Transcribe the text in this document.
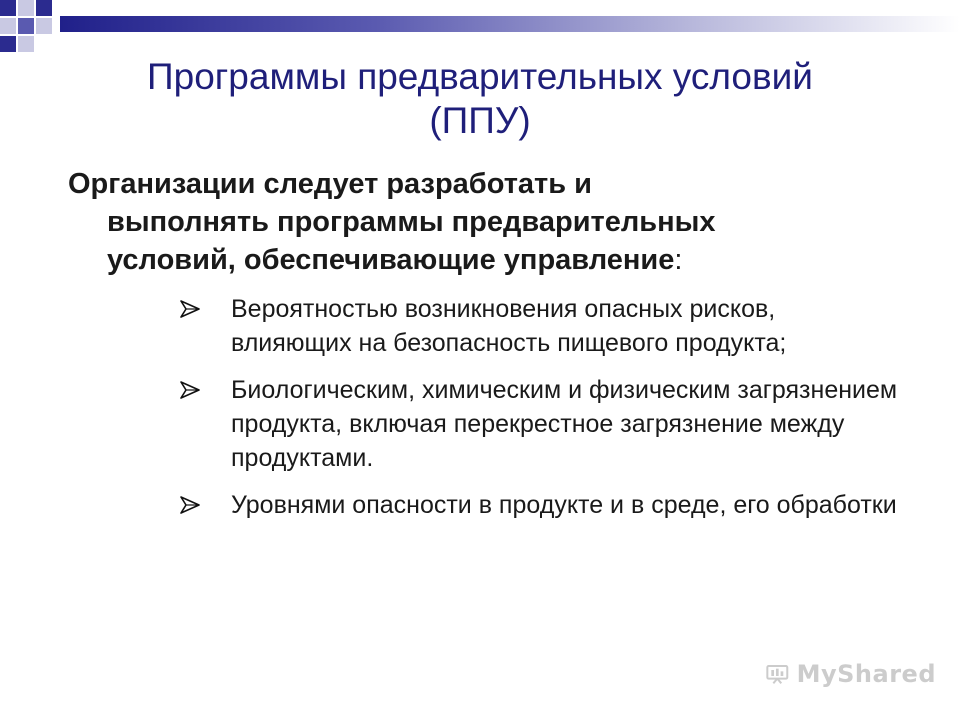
Программы предварительных условий
(ППУ)
Организации следует разработать и
выполнять программы предварительных
условий, обеспечивающие управление:
Вероятностью возникновения опасных рисков, влияющих на безопасность пищевого продукта;
Биологическим, химическим и физическим загрязнением продукта, включая перекрестное загрязнение между продуктами.
Уровнями опасности в продукте и в среде, его обработки
MyShared
